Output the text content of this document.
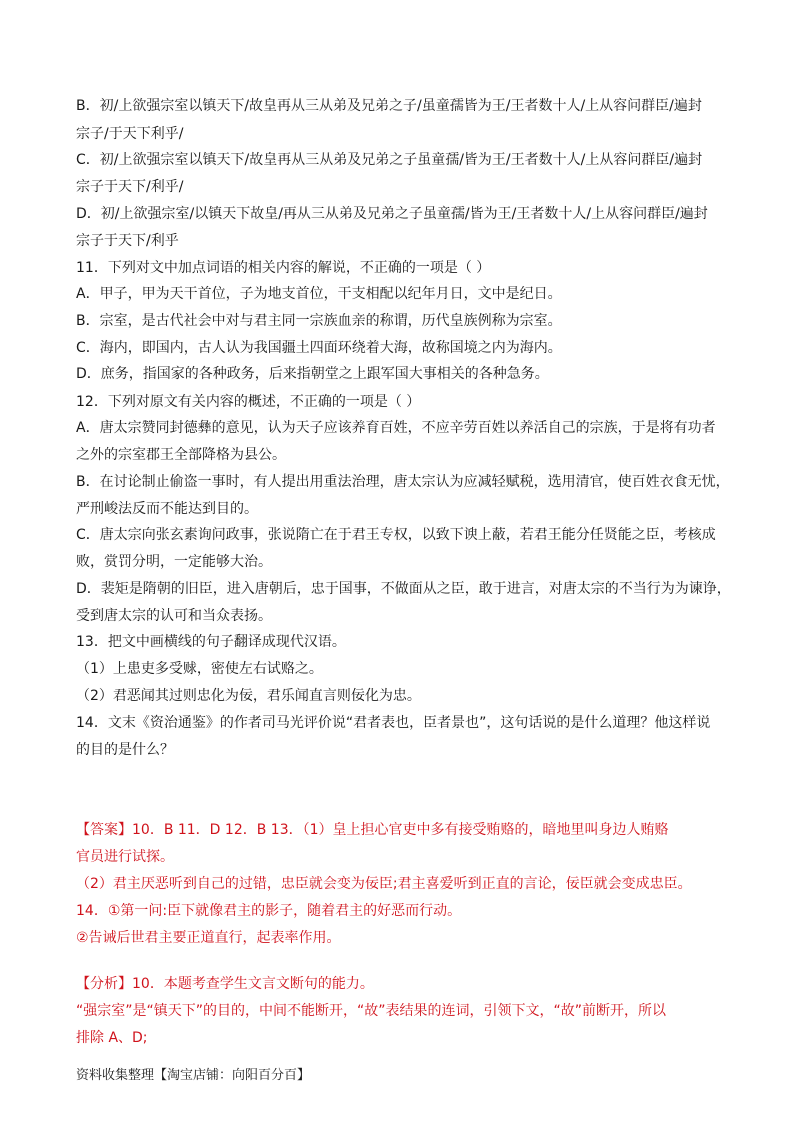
B．初/上欲强宗室以镇天下/故皇再从三从弟及兄弟之子/虽童孺皆为王/王者数十人/上从容问群臣/遍封
宗子/于天下利乎/
C．初/上欲强宗室以镇天下/故皇再从三从弟及兄弟之子虽童孺/皆为王/王者数十人/上从容问群臣/遍封
宗子于天下/利乎/
D．初/上欲强宗室/以镇天下故皇/再从三从弟及兄弟之子虽童孺/皆为王/王者数十人/上从容问群臣/遍封
宗子于天下/利乎
11．下列对文中加点词语的相关内容的解说，不正确的一项是（ ）
A．甲子，甲为天干首位，子为地支首位，干支相配以纪年月日，文中是纪日。
B．宗室，是古代社会中对与君主同一宗族血亲的称谓，历代皇族例称为宗室。
C．海内，即国内，古人认为我国疆土四面环绕着大海，故称国境之内为海内。
D．庶务，指国家的各种政务，后来指朝堂之上跟军国大事相关的各种急务。
12．下列对原文有关内容的概述，不正确的一项是（ ）
A．唐太宗赞同封德彝的意见，认为天子应该养育百姓，不应辛劳百姓以养活自己的宗族，于是将有功者
之外的宗室郡王全部降格为县公。
B．在讨论制止偷盗一事时，有人提出用重法治理，唐太宗认为应减轻赋税，选用清官，使百姓衣食无忧，
严刑峻法反而不能达到目的。
C．唐太宗向张玄素询问政事，张说隋亡在于君王专权，以致下谀上蔽，若君王能分任贤能之臣，考核成
败，赏罚分明，一定能够大治。
D．裴矩是隋朝的旧臣，进入唐朝后，忠于国事，不做面从之臣，敢于进言，对唐太宗的不当行为为谏诤，
受到唐太宗的认可和当众表扬。
13．把文中画横线的句子翻译成现代汉语。
（1）上患吏多受赇，密使左右试赂之。
（2）君恶闻其过则忠化为佞，君乐闻直言则佞化为忠。
14．文末《资治通鉴》的作者司马光评价说“君者表也，臣者景也”，这句话说的是什么道理？他这样说
的目的是什么？
【答案】10．B 11．D 12．B 13．（1）皇上担心官吏中多有接受贿赂的，暗地里叫身边人贿赂
官员进行试探。
（2）君主厌恶听到自己的过错，忠臣就会变为佞臣;君主喜爱听到正直的言论，佞臣就会变成忠臣。
14．①第一问:臣下就像君主的影子，随着君主的好恶而行动。
②告诫后世君主要正道直行，起表率作用。
【分析】10．本题考查学生文言文断句的能力。
“强宗室”是“镇天下”的目的，中间不能断开，“故”表结果的连词，引领下文，“故”前断开，所以
排除 A、D;
资料收集整理【淘宝店铺：向阳百分百】
